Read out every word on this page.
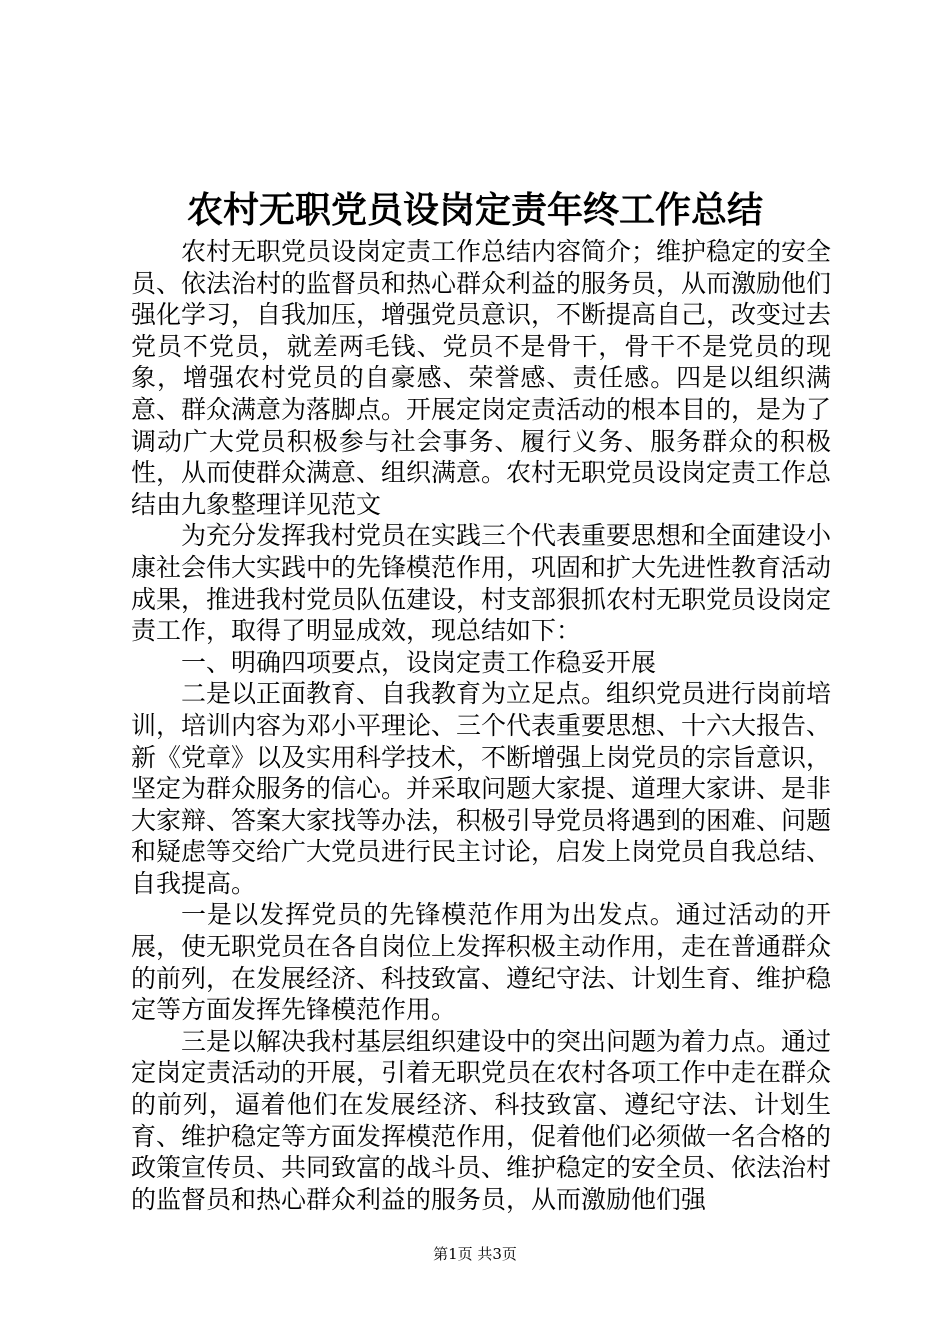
农村无职党员设岗定责年终工作总结

农村无职党员设岗定责工作总结内容简介；维护稳定的安全员、依法治村的监督员和热心群众利益的服务员，从而激励他们强化学习，自我加压，增强党员意识，不断提高自己，改变过去党员不党员，就差两毛钱、党员不是骨干，骨干不是党员的现象，增强农村党员的自豪感、荣誉感、责任感。四是以组织满意、群众满意为落脚点。开展定岗定责活动的根本目的，是为了调动广大党员积极参与社会事务、履行义务、服务群众的积极性，从而使群众满意、组织满意。农村无职党员设岗定责工作总结由九象整理详见范文

为充分发挥我村党员在实践三个代表重要思想和全面建设小康社会伟大实践中的先锋模范作用，巩固和扩大先进性教育活动成果，推进我村党员队伍建设，村支部狠抓农村无职党员设岗定责工作，取得了明显成效，现总结如下：

一、明确四项要点，设岗定责工作稳妥开展

二是以正面教育、自我教育为立足点。组织党员进行岗前培训，培训内容为邓小平理论、三个代表重要思想、十六大报告、新《党章》以及实用科学技术，不断增强上岗党员的宗旨意识，坚定为群众服务的信心。并采取问题大家提、道理大家讲、是非大家辩、答案大家找等办法，积极引导党员将遇到的困难、问题和疑虑等交给广大党员进行民主讨论，启发上岗党员自我总结、自我提高。

一是以发挥党员的先锋模范作用为出发点。通过活动的开展，使无职党员在各自岗位上发挥积极主动作用，走在普通群众的前列，在发展经济、科技致富、遵纪守法、计划生育、维护稳定等方面发挥先锋模范作用。

三是以解决我村基层组织建设中的突出问题为着力点。通过定岗定责活动的开展，引着无职党员在农村各项工作中走在群众的前列，逼着他们在发展经济、科技致富、遵纪守法、计划生育、维护稳定等方面发挥模范作用，促着他们必须做一名合格的政策宣传员、共同致富的战斗员、维护稳定的安全员、依法治村的监督员和热心群众利益的服务员，从而激励他们强

第1页 共3页
